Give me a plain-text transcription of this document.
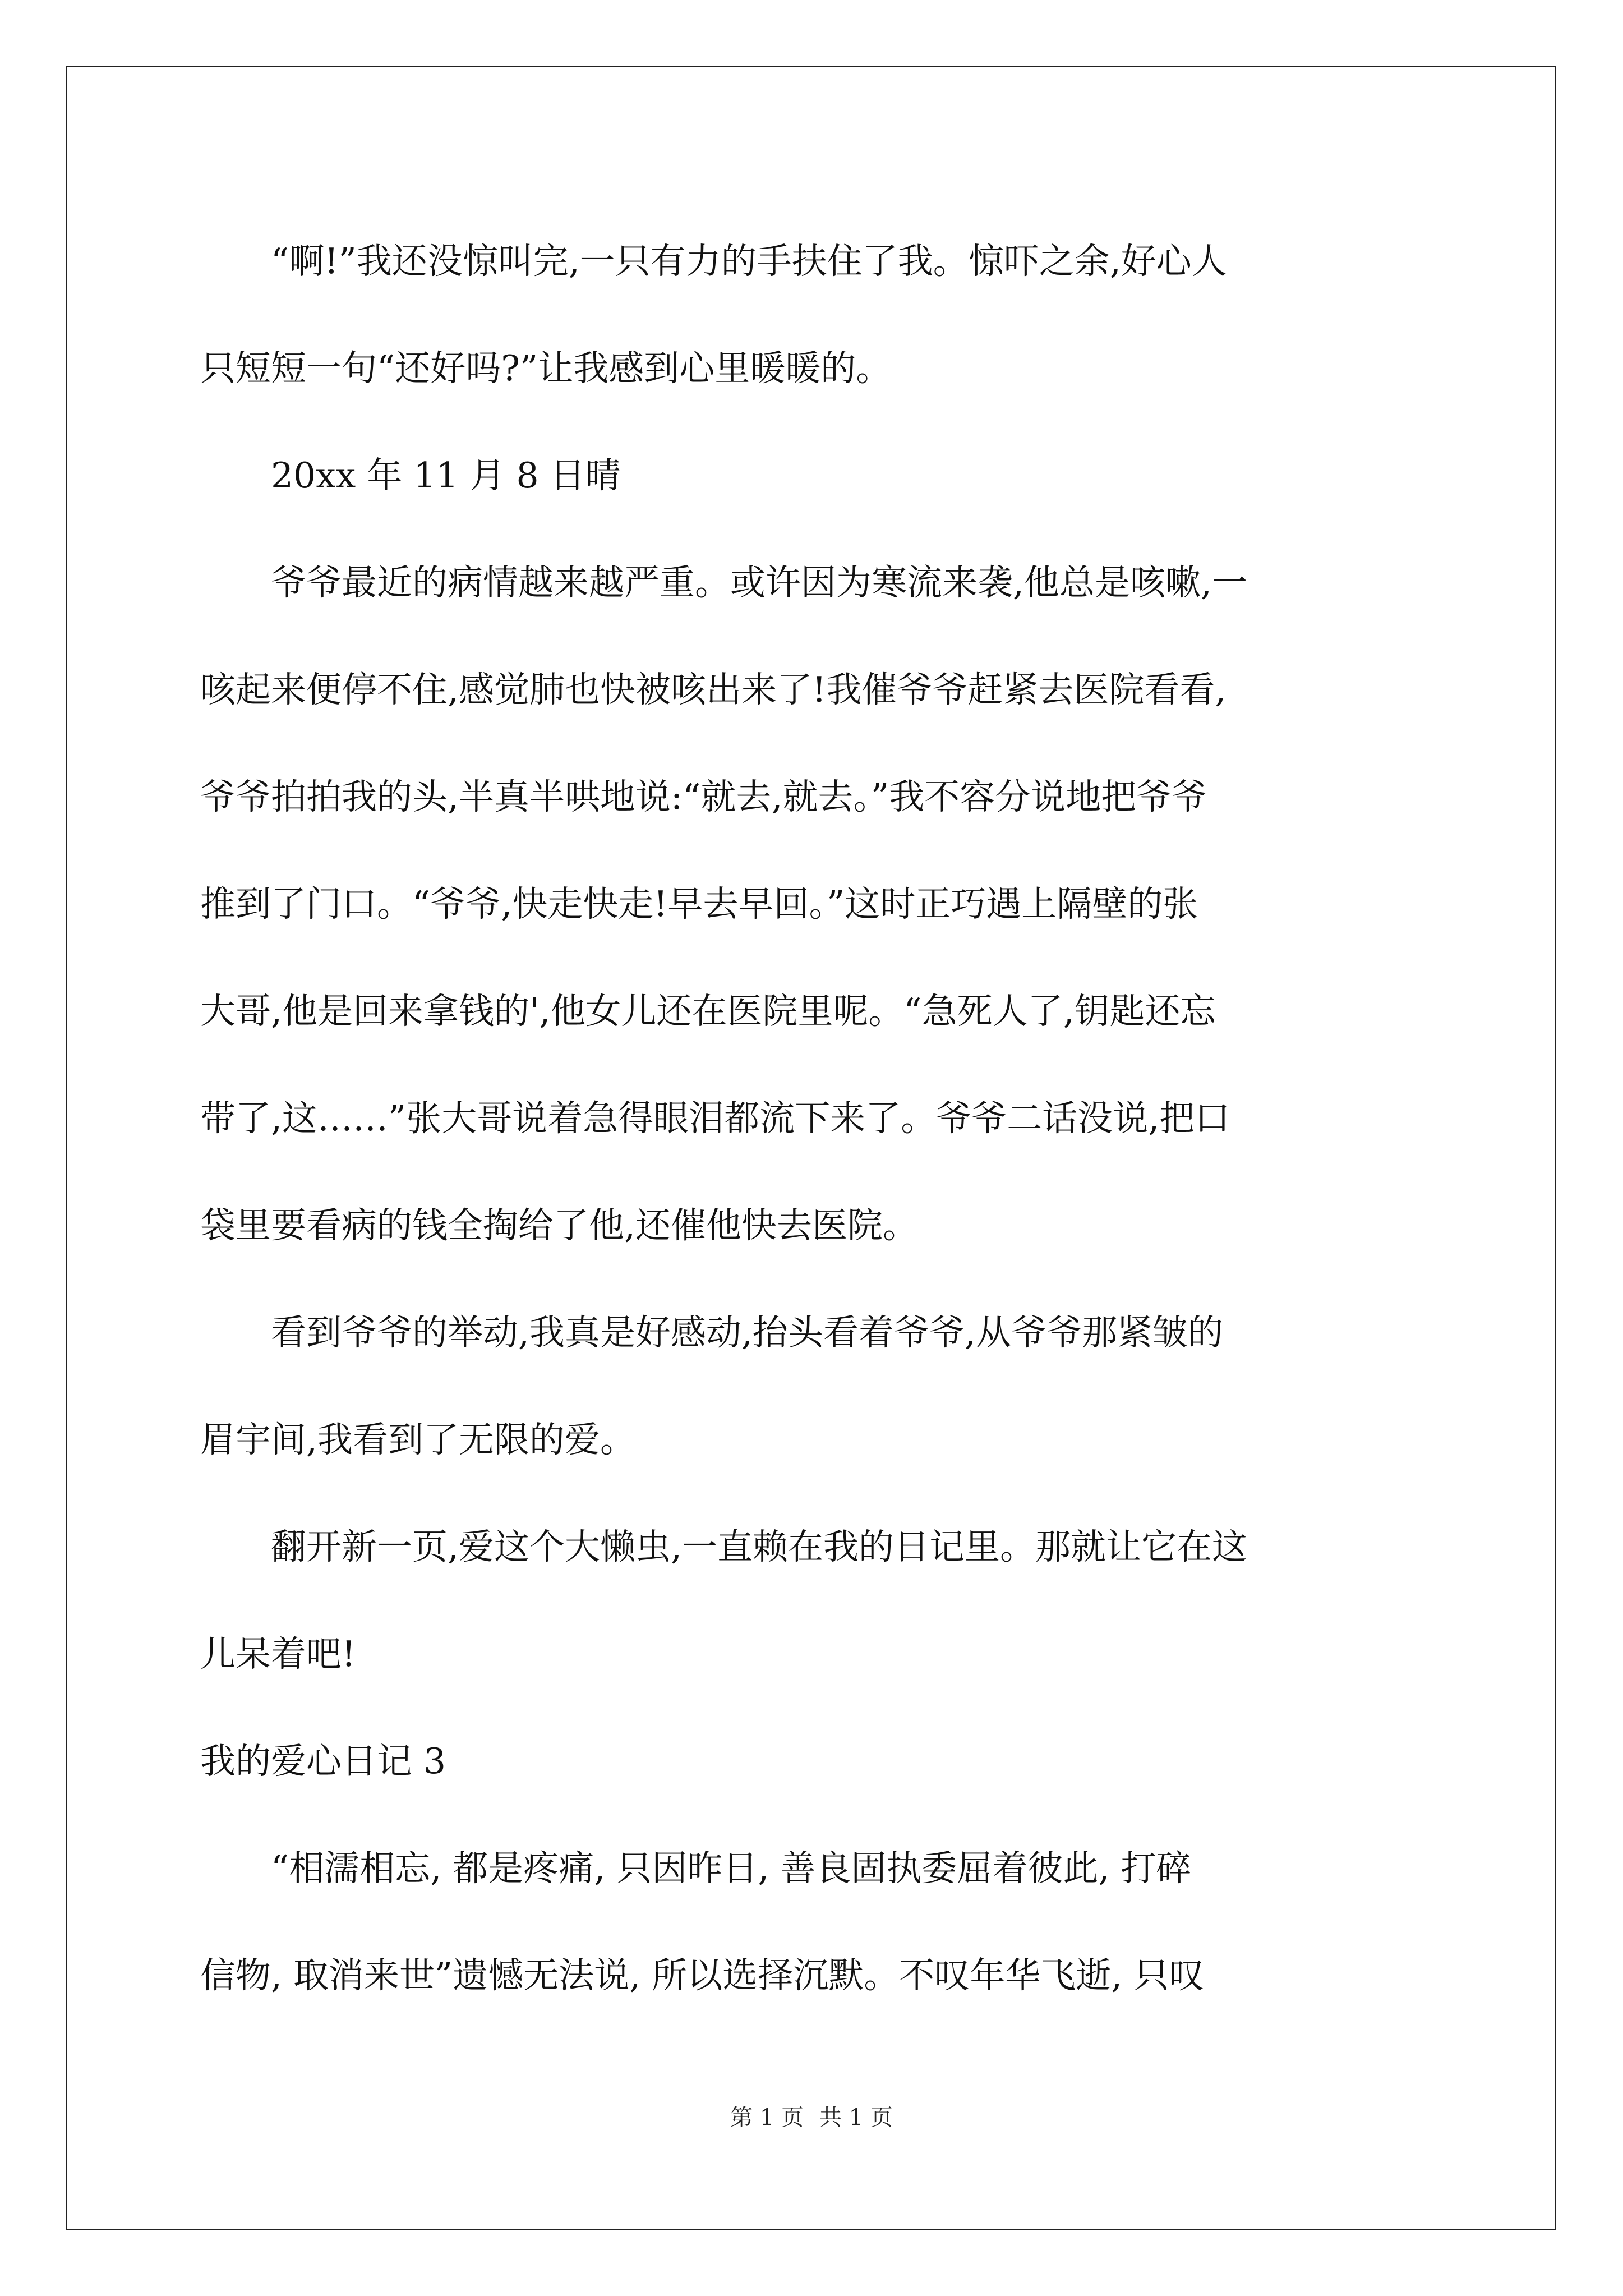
“啊!”我还没惊叫完,一只有力的手扶住了我。惊吓之余,好心人

只短短一句“还好吗?”让我感到心里暖暖的。

20xx 年 11 月 8 日晴

爷爷最近的病情越来越严重。或许因为寒流来袭,他总是咳嗽,一

咳起来便停不住,感觉肺也快被咳出来了!我催爷爷赶紧去医院看看,

爷爷拍拍我的头,半真半哄地说:“就去,就去。”我不容分说地把爷爷

推到了门口。“爷爷,快走快走!早去早回。”这时正巧遇上隔壁的张

大哥,他是回来拿钱的',他女儿还在医院里呢。“急死人了,钥匙还忘

带了,这……”张大哥说着急得眼泪都流下来了。爷爷二话没说,把口

袋里要看病的钱全掏给了他,还催他快去医院。

看到爷爷的举动,我真是好感动,抬头看着爷爷,从爷爷那紧皱的

眉宇间,我看到了无限的爱。

翻开新一页,爱这个大懒虫,一直赖在我的日记里。那就让它在这

儿呆着吧!

我的爱心日记 3

“相濡相忘, 都是疼痛, 只因昨日, 善良固执委屈着彼此, 打碎

信物, 取消来世”遗憾无法说, 所以选择沉默。不叹年华飞逝, 只叹

第 1 页 共 1 页
